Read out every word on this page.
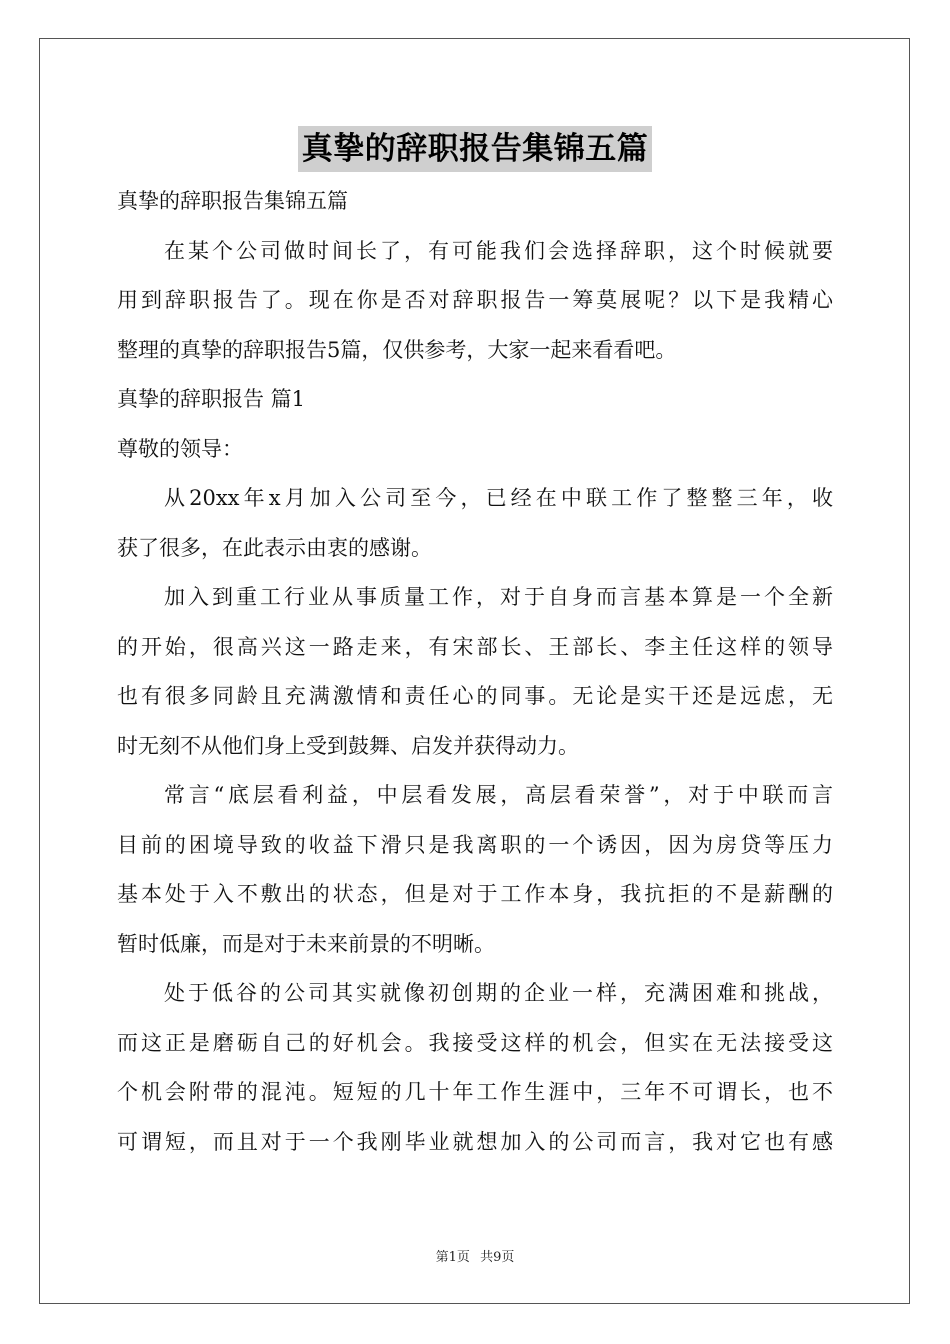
真挚的辞职报告集锦五篇
真挚的辞职报告集锦五篇
在某个公司做时间长了，有可能我们会选择辞职，这个时候就要
用到辞职报告了。现在你是否对辞职报告一筹莫展呢？以下是我精心
整理的真挚的辞职报告5篇，仅供参考，大家一起来看看吧。
真挚的辞职报告 篇1
尊敬的领导：
从20xx年x月加入公司至今，已经在中联工作了整整三年，收
获了很多，在此表示由衷的感谢。
加入到重工行业从事质量工作，对于自身而言基本算是一个全新
的开始，很高兴这一路走来，有宋部长、王部长、李主任这样的领导
也有很多同龄且充满激情和责任心的同事。无论是实干还是远虑，无
时无刻不从他们身上受到鼓舞、启发并获得动力。
常言“底层看利益，中层看发展，高层看荣誉”，对于中联而言
目前的困境导致的收益下滑只是我离职的一个诱因，因为房贷等压力
基本处于入不敷出的状态，但是对于工作本身，我抗拒的不是薪酬的
暂时低廉，而是对于未来前景的不明晰。
处于低谷的公司其实就像初创期的企业一样，充满困难和挑战，
而这正是磨砺自己的好机会。我接受这样的机会，但实在无法接受这
个机会附带的混沌。短短的几十年工作生涯中，三年不可谓长，也不
可谓短，而且对于一个我刚毕业就想加入的公司而言，我对它也有感
第1页 共9页
